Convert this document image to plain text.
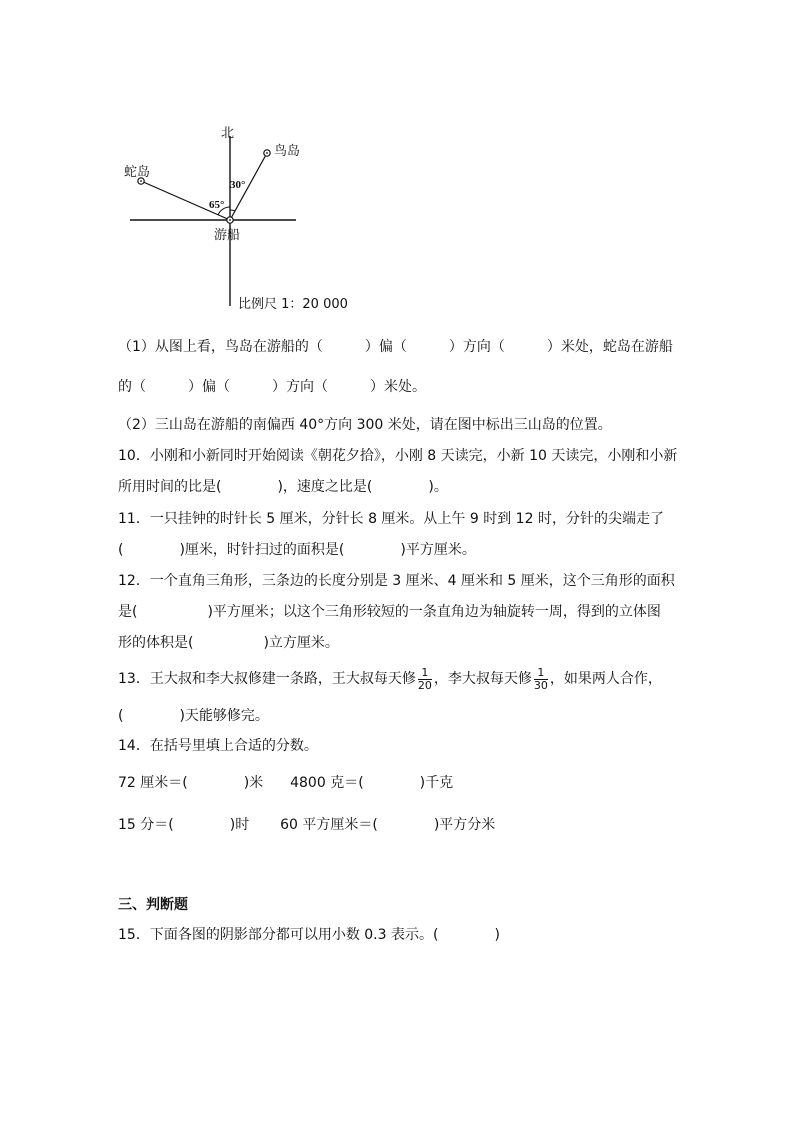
北
鸟岛
蛇岛
65°
30°
游船
比例尺 1：20 000
（1）从图上看，鸟岛在游船的（　　　）偏（　　　）方向（　　　）米处，蛇岛在游船
的（　　　）偏（　　　）方向（　　　）米处。
（2）三山岛在游船的南偏西 40°方向 300 米处，请在图中标出三山岛的位置。
10．小刚和小新同时开始阅读《朝花夕拾》，小刚 8 天读完，小新 10 天读完，小刚和小新
所用时间的比是(　　　　)，速度之比是(　　　　)。
11．一只挂钟的时针长 5 厘米，分针长 8 厘米。从上午 9 时到 12 时，分针的尖端走了
(　　　　)厘米，时针扫过的面积是(　　　　)平方厘米。
12．一个直角三角形，三条边的长度分别是 3 厘米、4 厘米和 5 厘米，这个三角形的面积
是(　　　　　)平方厘米；以这个三角形较短的一条直角边为轴旋转一周，得到的立体图
形的体积是(　　　　　)立方厘米。
13．王大叔和李大叔修建一条路，王大叔每天修 $\frac{1}{20}$ ，李大叔每天修 $\frac{1}{30}$ ，如果两人合作，
(　　　　)天能够修完。
14．在括号里填上合适的分数。
72 厘米＝(　　　　)米 4800 克＝(　　　　)千克
15 分＝(　　　　)时 60 平方厘米＝(　　　　)平方分米
三、判断题
15．下面各图的阴影部分都可以用小数 0.3 表示。(　　　　)
